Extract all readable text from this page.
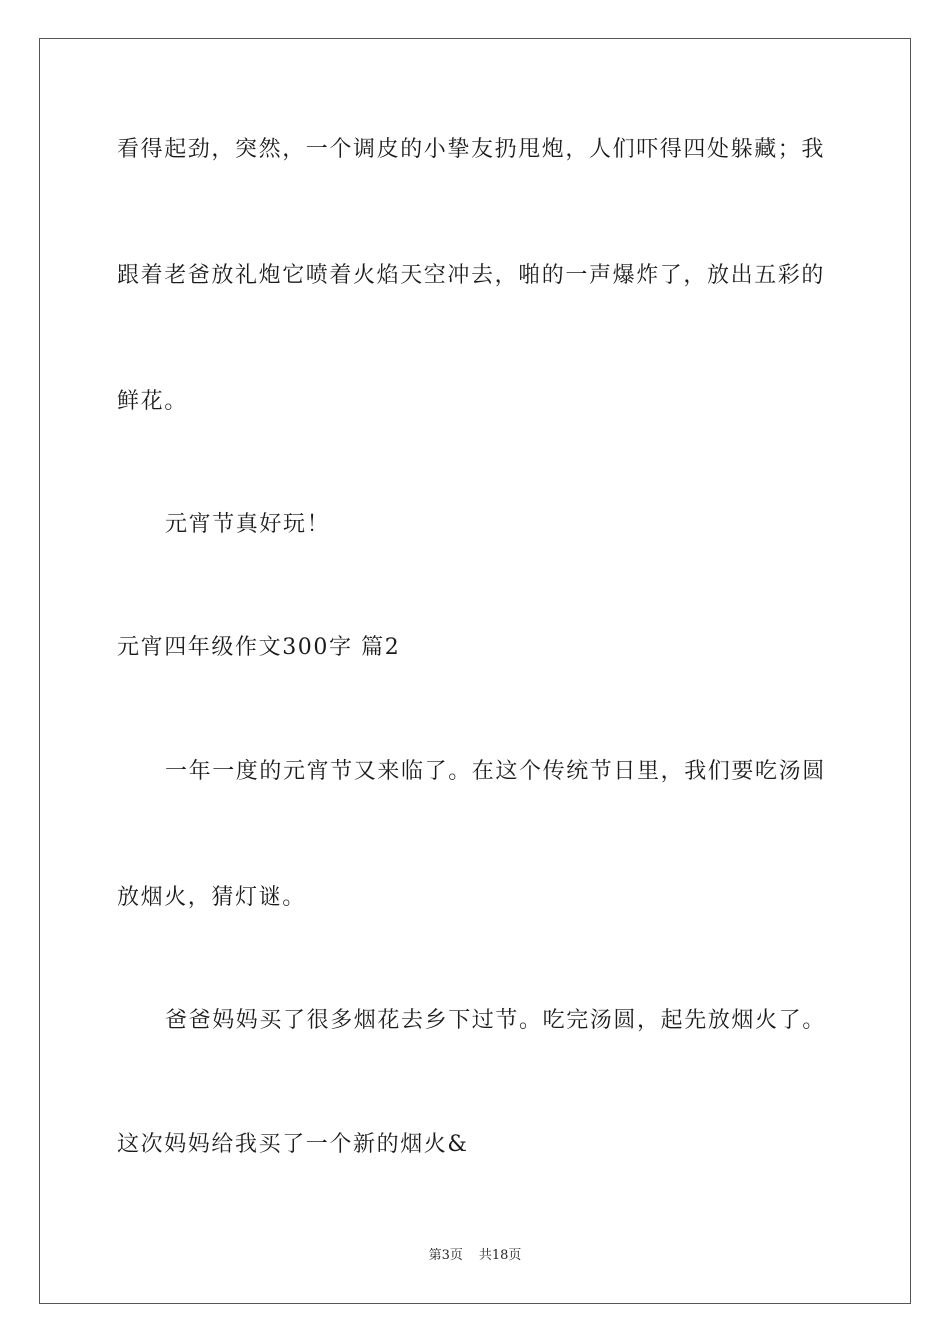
看得起劲，突然，一个调皮的小挚友扔甩炮，人们吓得四处躲藏；我
跟着老爸放礼炮它喷着火焰天空冲去，啪的一声爆炸了，放出五彩的
鲜花。
元宵节真好玩！
元宵四年级作文300字 篇2
一年一度的元宵节又来临了。在这个传统节日里，我们要吃汤圆
放烟火，猜灯谜。
爸爸妈妈买了很多烟花去乡下过节。吃完汤圆，起先放烟火了。
这次妈妈给我买了一个新的烟火&
第3页 共18页
